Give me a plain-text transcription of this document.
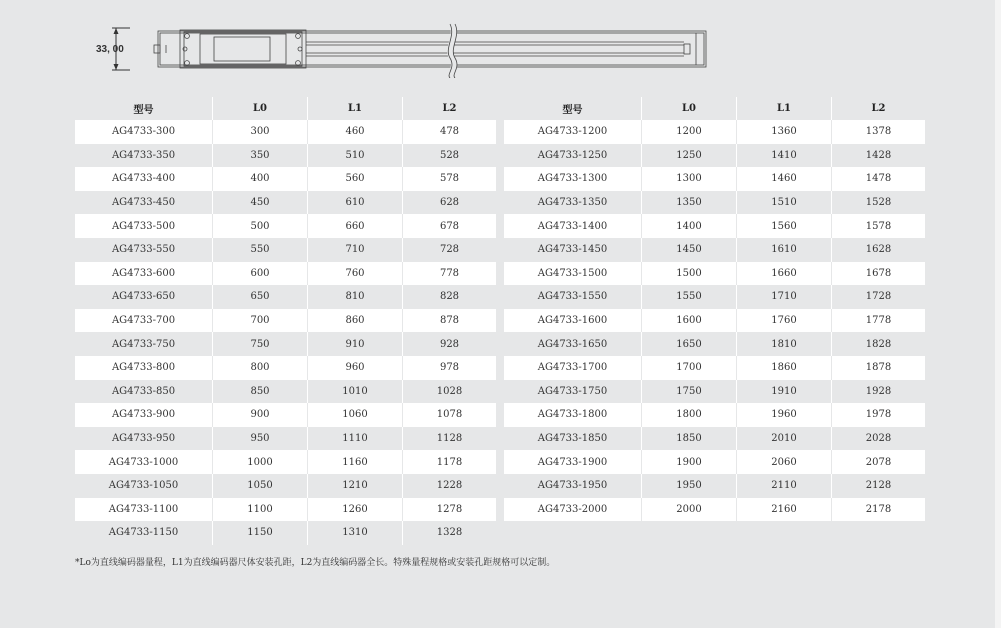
33, 00
型号	L0	L1	L2
AG4733-300	300	460	478
AG4733-350	350	510	528
AG4733-400	400	560	578
AG4733-450	450	610	628
AG4733-500	500	660	678
AG4733-550	550	710	728
AG4733-600	600	760	778
AG4733-650	650	810	828
AG4733-700	700	860	878
AG4733-750	750	910	928
AG4733-800	800	960	978
AG4733-850	850	1010	1028
AG4733-900	900	1060	1078
AG4733-950	950	1110	1128
AG4733-1000	1000	1160	1178
AG4733-1050	1050	1210	1228
AG4733-1100	1100	1260	1278
AG4733-1150	1150	1310	1328
型号	L0	L1	L2
AG4733-1200	1200	1360	1378
AG4733-1250	1250	1410	1428
AG4733-1300	1300	1460	1478
AG4733-1350	1350	1510	1528
AG4733-1400	1400	1560	1578
AG4733-1450	1450	1610	1628
AG4733-1500	1500	1660	1678
AG4733-1550	1550	1710	1728
AG4733-1600	1600	1760	1778
AG4733-1650	1650	1810	1828
AG4733-1700	1700	1860	1878
AG4733-1750	1750	1910	1928
AG4733-1800	1800	1960	1978
AG4733-1850	1850	2010	2028
AG4733-1900	1900	2060	2078
AG4733-1950	1950	2110	2128
AG4733-2000	2000	2160	2178
*Lo为直线编码器量程，L1为直线编码器尺体安装孔距，L2为直线编码器全长。特殊量程规格或安装孔距规格可以定制。
